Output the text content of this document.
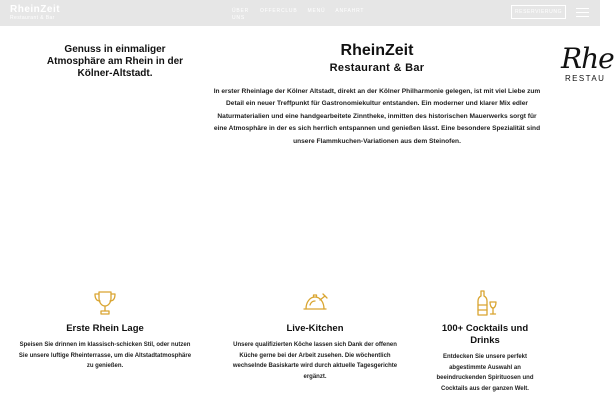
RheinZeit
Restaurant & Bar
ÜBER UNS
OFFERCLUB MENÜ ANFAHRT	RESERVIERUNG
Genuss in einmaliger Atmosphäre am Rhein in der Kölner-Altstadt.
RheinZeit
Restaurant & Bar
In erster Rheinlage der Kölner Altstadt, direkt an der Kölner Philharmonie gelegen, ist mit viel Liebe zum Detail ein neuer Treffpunkt für Gastronomiekultur entstanden. Ein moderner und klarer Mix edler Naturmaterialien und eine handgearbeitete Zinntheke, inmitten des historischen Mauerwerks sorgt für eine Atmosphäre in der es sich herrlich entspannen und genießen lässt. Eine besondere Spezialität sind unsere Flammkuchen-Variationen aus dem Steinofen.
Rhe
RESTAU
Erste Rhein Lage

Speisen Sie drinnen im klassisch-schicken Stil, oder nutzen Sie unsere luftige Rheinterrasse, um die Altstadtatmosphäre zu genießen.

Live-Kitchen

Unsere qualifizierten Köche lassen sich Dank der offenen Küche gerne bei der Arbeit zusehen. Die wöchentlich wechselnde Basiskarte wird durch aktuelle Tagesgerichte ergänzt.

100+ Cocktails und Drinks

Entdecken Sie unsere perfekt abgestimmte Auswahl an beeindruckenden Spirituosen und Cocktails aus der ganzen Welt.
